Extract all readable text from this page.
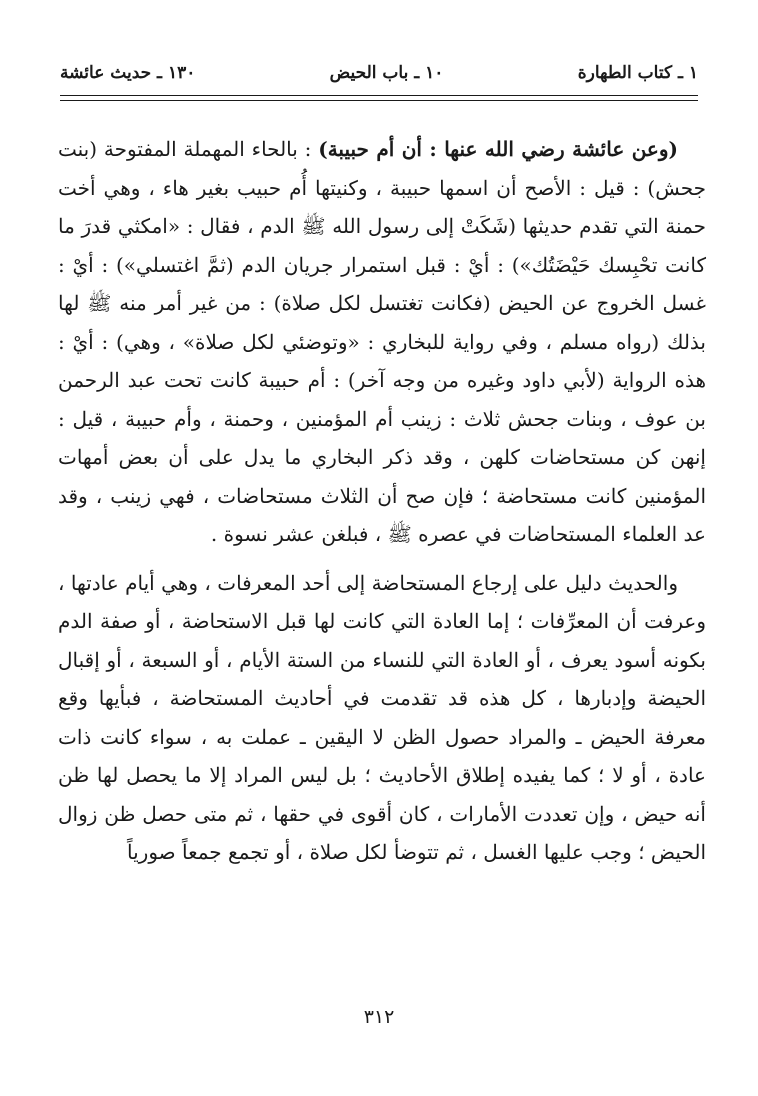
١ ـ كتاب الطهارة
١٠ ـ باب الحيض
١٣٠ ـ حديث عائشة

(وعن عائشة رضي الله عنها : أن أم حبيبة) : بالحاء المهملة المفتوحة (بنت جحش) : قيل : الأصح أن اسمها حبيبة ، وكنيتها أُم حبيب بغير هاء ، وهي أخت حمنة التي تقدم حديثها (شَكَتْ إلى رسول الله ﷺ الدم ، فقال : «امكثي قدرَ ما كانت تحْبِسك حَيْضَتُك») : أيْ : قبل استمرار جريان الدم (ثمَّ اغتسلي») : أيْ : غسل الخروج عن الحيض (فكانت تغتسل لكل صلاة) : من غير أمر منه ﷺ لها بذلك (رواه مسلم ، وفي رواية للبخاري : «وتوضئي لكل صلاة» ، وهي) : أيْ : هذه الرواية (لأبي داود وغيره من وجه آخر) : أم حبيبة كانت تحت عبد الرحمن بن عوف ، وبنات جحش ثلاث : زينب أم المؤمنين ، وحمنة ، وأم حبيبة ، قيل : إنهن كن مستحاضات كلهن ، وقد ذكر البخاري ما يدل على أن بعض أمهات المؤمنين كانت مستحاضة ؛ فإن صح أن الثلاث مستحاضات ، فهي زينب ، وقد عد العلماء المستحاضات في عصره ﷺ ، فبلغن عشر نسوة .

والحديث دليل على إرجاع المستحاضة إلى أحد المعرفات ، وهي أيام عادتها ، وعرفت أن المعرِّفات ؛ إما العادة التي كانت لها قبل الاستحاضة ، أو صفة الدم بكونه أسود يعرف ، أو العادة التي للنساء من الستة الأيام ، أو السبعة ، أو إقبال الحيضة وإدبارها ، كل هذه قد تقدمت في أحاديث المستحاضة ، فبأيها وقع معرفة الحيض ـ والمراد حصول الظن لا اليقين ـ عملت به ، سواء كانت ذات عادة ، أو لا ؛ كما يفيده إطلاق الأحاديث ؛ بل ليس المراد إلا ما يحصل لها ظن أنه حيض ، وإن تعددت الأمارات ، كان أقوى في حقها ، ثم متى حصل ظن زوال الحيض ؛ وجب عليها الغسل ، ثم تتوضأ لكل صلاة ، أو تجمع جمعاً صورياً

٣١٢
